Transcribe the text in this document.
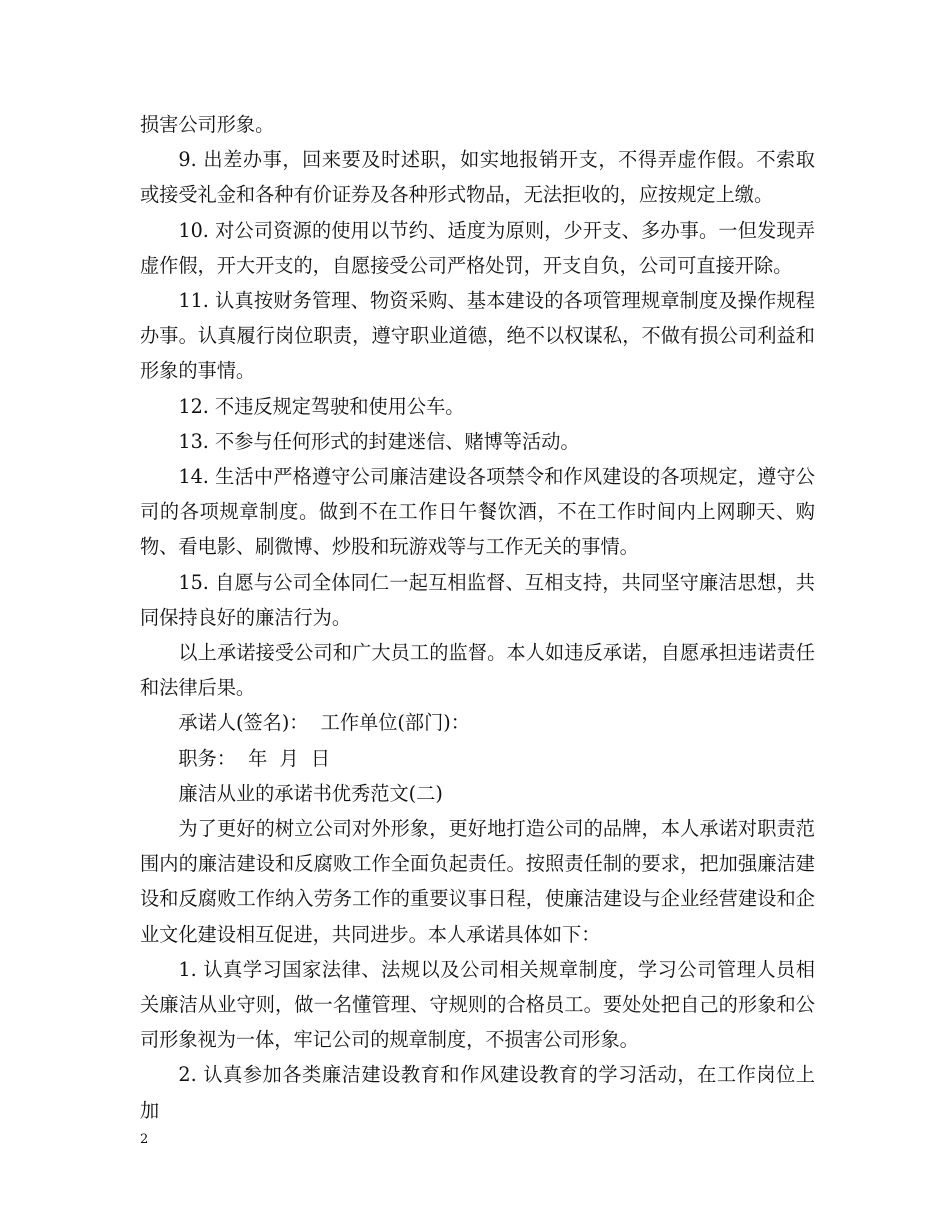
损害公司形象。

9. 出差办事，回来要及时述职，如实地报销开支，不得弄虚作假。不索取或接受礼金和各种有价证券及各种形式物品，无法拒收的，应按规定上缴。

10. 对公司资源的使用以节约、适度为原则，少开支、多办事。一但发现弄虚作假，开大开支的，自愿接受公司严格处罚，开支自负，公司可直接开除。

11. 认真按财务管理、物资采购、基本建设的各项管理规章制度及操作规程办事。认真履行岗位职责，遵守职业道德，绝不以权谋私，不做有损公司利益和形象的事情。

12. 不违反规定驾驶和使用公车。

13. 不参与任何形式的封建迷信、赌博等活动。

14. 生活中严格遵守公司廉洁建设各项禁令和作风建设的各项规定，遵守公司的各项规章制度。做到不在工作日午餐饮酒，不在工作时间内上网聊天、购物、看电影、刷微博、炒股和玩游戏等与工作无关的事情。

15. 自愿与公司全体同仁一起互相监督、互相支持，共同坚守廉洁思想，共同保持良好的廉洁行为。

以上承诺接受公司和广大员工的监督。本人如违反承诺，自愿承担违诺责任和法律后果。

承诺人(签名)：  工作单位(部门)：

职务：  年  月  日

廉洁从业的承诺书优秀范文(二)

为了更好的树立公司对外形象，更好地打造公司的品牌，本人承诺对职责范围内的廉洁建设和反腐败工作全面负起责任。按照责任制的要求，把加强廉洁建设和反腐败工作纳入劳务工作的重要议事日程，使廉洁建设与企业经营建设和企业文化建设相互促进，共同进步。本人承诺具体如下：

1. 认真学习国家法律、法规以及公司相关规章制度，学习公司管理人员相关廉洁从业守则，做一名懂管理、守规则的合格员工。要处处把自己的形象和公司形象视为一体，牢记公司的规章制度，不损害公司形象。

2. 认真参加各类廉洁建设教育和作风建设教育的学习活动，在工作岗位上加

2
